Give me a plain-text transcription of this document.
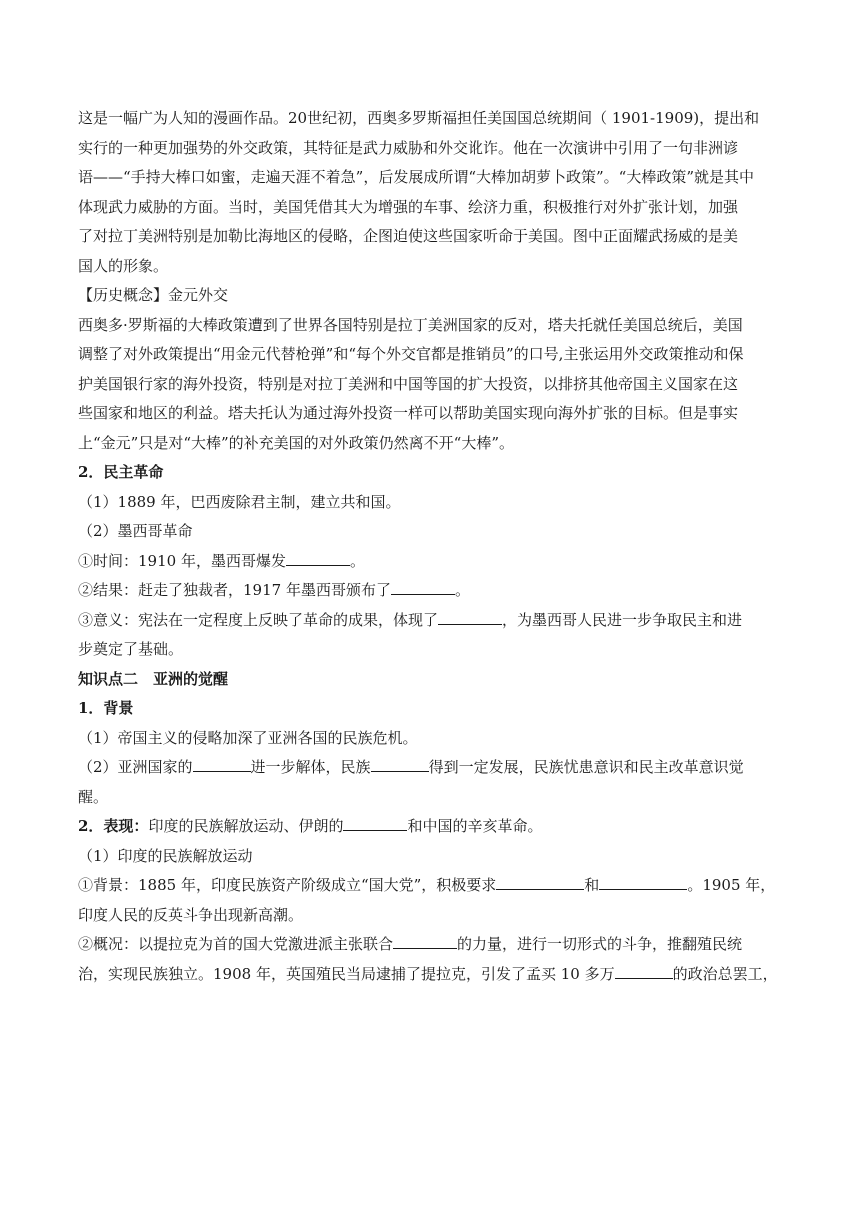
这是一幅广为人知的漫画作品。20世纪初，西奥多罗斯福担任美国国总统期间（ 1901-1909)，提出和

实行的一种更加强势的外交政策，其特征是武力威胁和外交讹诈。他在一次演讲中引用了一句非洲谚

语——“手持大棒口如蜜，走遍天涯不着急”，后发展成所谓“大棒加胡萝卜政策”。“大棒政策”就是其中

体现武力威胁的方面。当时，美国凭借其大为增强的车事、绘济力重，积极推行对外扩张计划，加强

了对拉丁美洲特别是加勒比海地区的侵略，企图迫使这些国家听命于美国。图中正面耀武扬威的是美

国人的形象。

【历史概念】金元外交

西奥多·罗斯福的大棒政策遭到了世界各国特别是拉丁美洲国家的反对，塔夫托就任美国总统后，美国

调整了对外政策提出“用金元代替枪弹”和“每个外交官都是推销员”的口号,主张运用外交政策推动和保

护美国银行家的海外投资，特别是对拉丁美洲和中国等国的扩大投资，以排挤其他帝国主义国家在这

些国家和地区的利益。塔夫托认为通过海外投资一样可以帮助美国实现向海外扩张的目标。但是事实

上“金元”只是对“大棒”的补充美国的对外政策仍然离不开“大棒”。

2．民主革命

（1）1889 年，巴西废除君主制，建立共和国。

（2）墨西哥革命

①时间：1910 年，墨西哥爆发	。

②结果：赶走了独裁者，1917 年墨西哥颁布了	。

③意义：宪法在一定程度上反映了革命的成果，体现了	，为墨西哥人民进一步争取民主和进

步奠定了基础。

知识点二　亚洲的觉醒

1．背景

（1）帝国主义的侵略加深了亚洲各国的民族危机。

（2）亚洲国家的	进一步解体，民族	得到一定发展，民族忧患意识和民主改革意识觉

醒。

2．表现：印度的民族解放运动、伊朗的	和中国的辛亥革命。

（1）印度的民族解放运动

①背景：1885 年，印度民族资产阶级成立“国大党”，积极要求	和	。1905 年，

印度人民的反英斗争出现新高潮。

②概况：以提拉克为首的国大党激进派主张联合	的力量，进行一切形式的斗争，推翻殖民统

治，实现民族独立。1908 年，英国殖民当局逮捕了提拉克，引发了孟买 10 多万	的政治总罢工，
